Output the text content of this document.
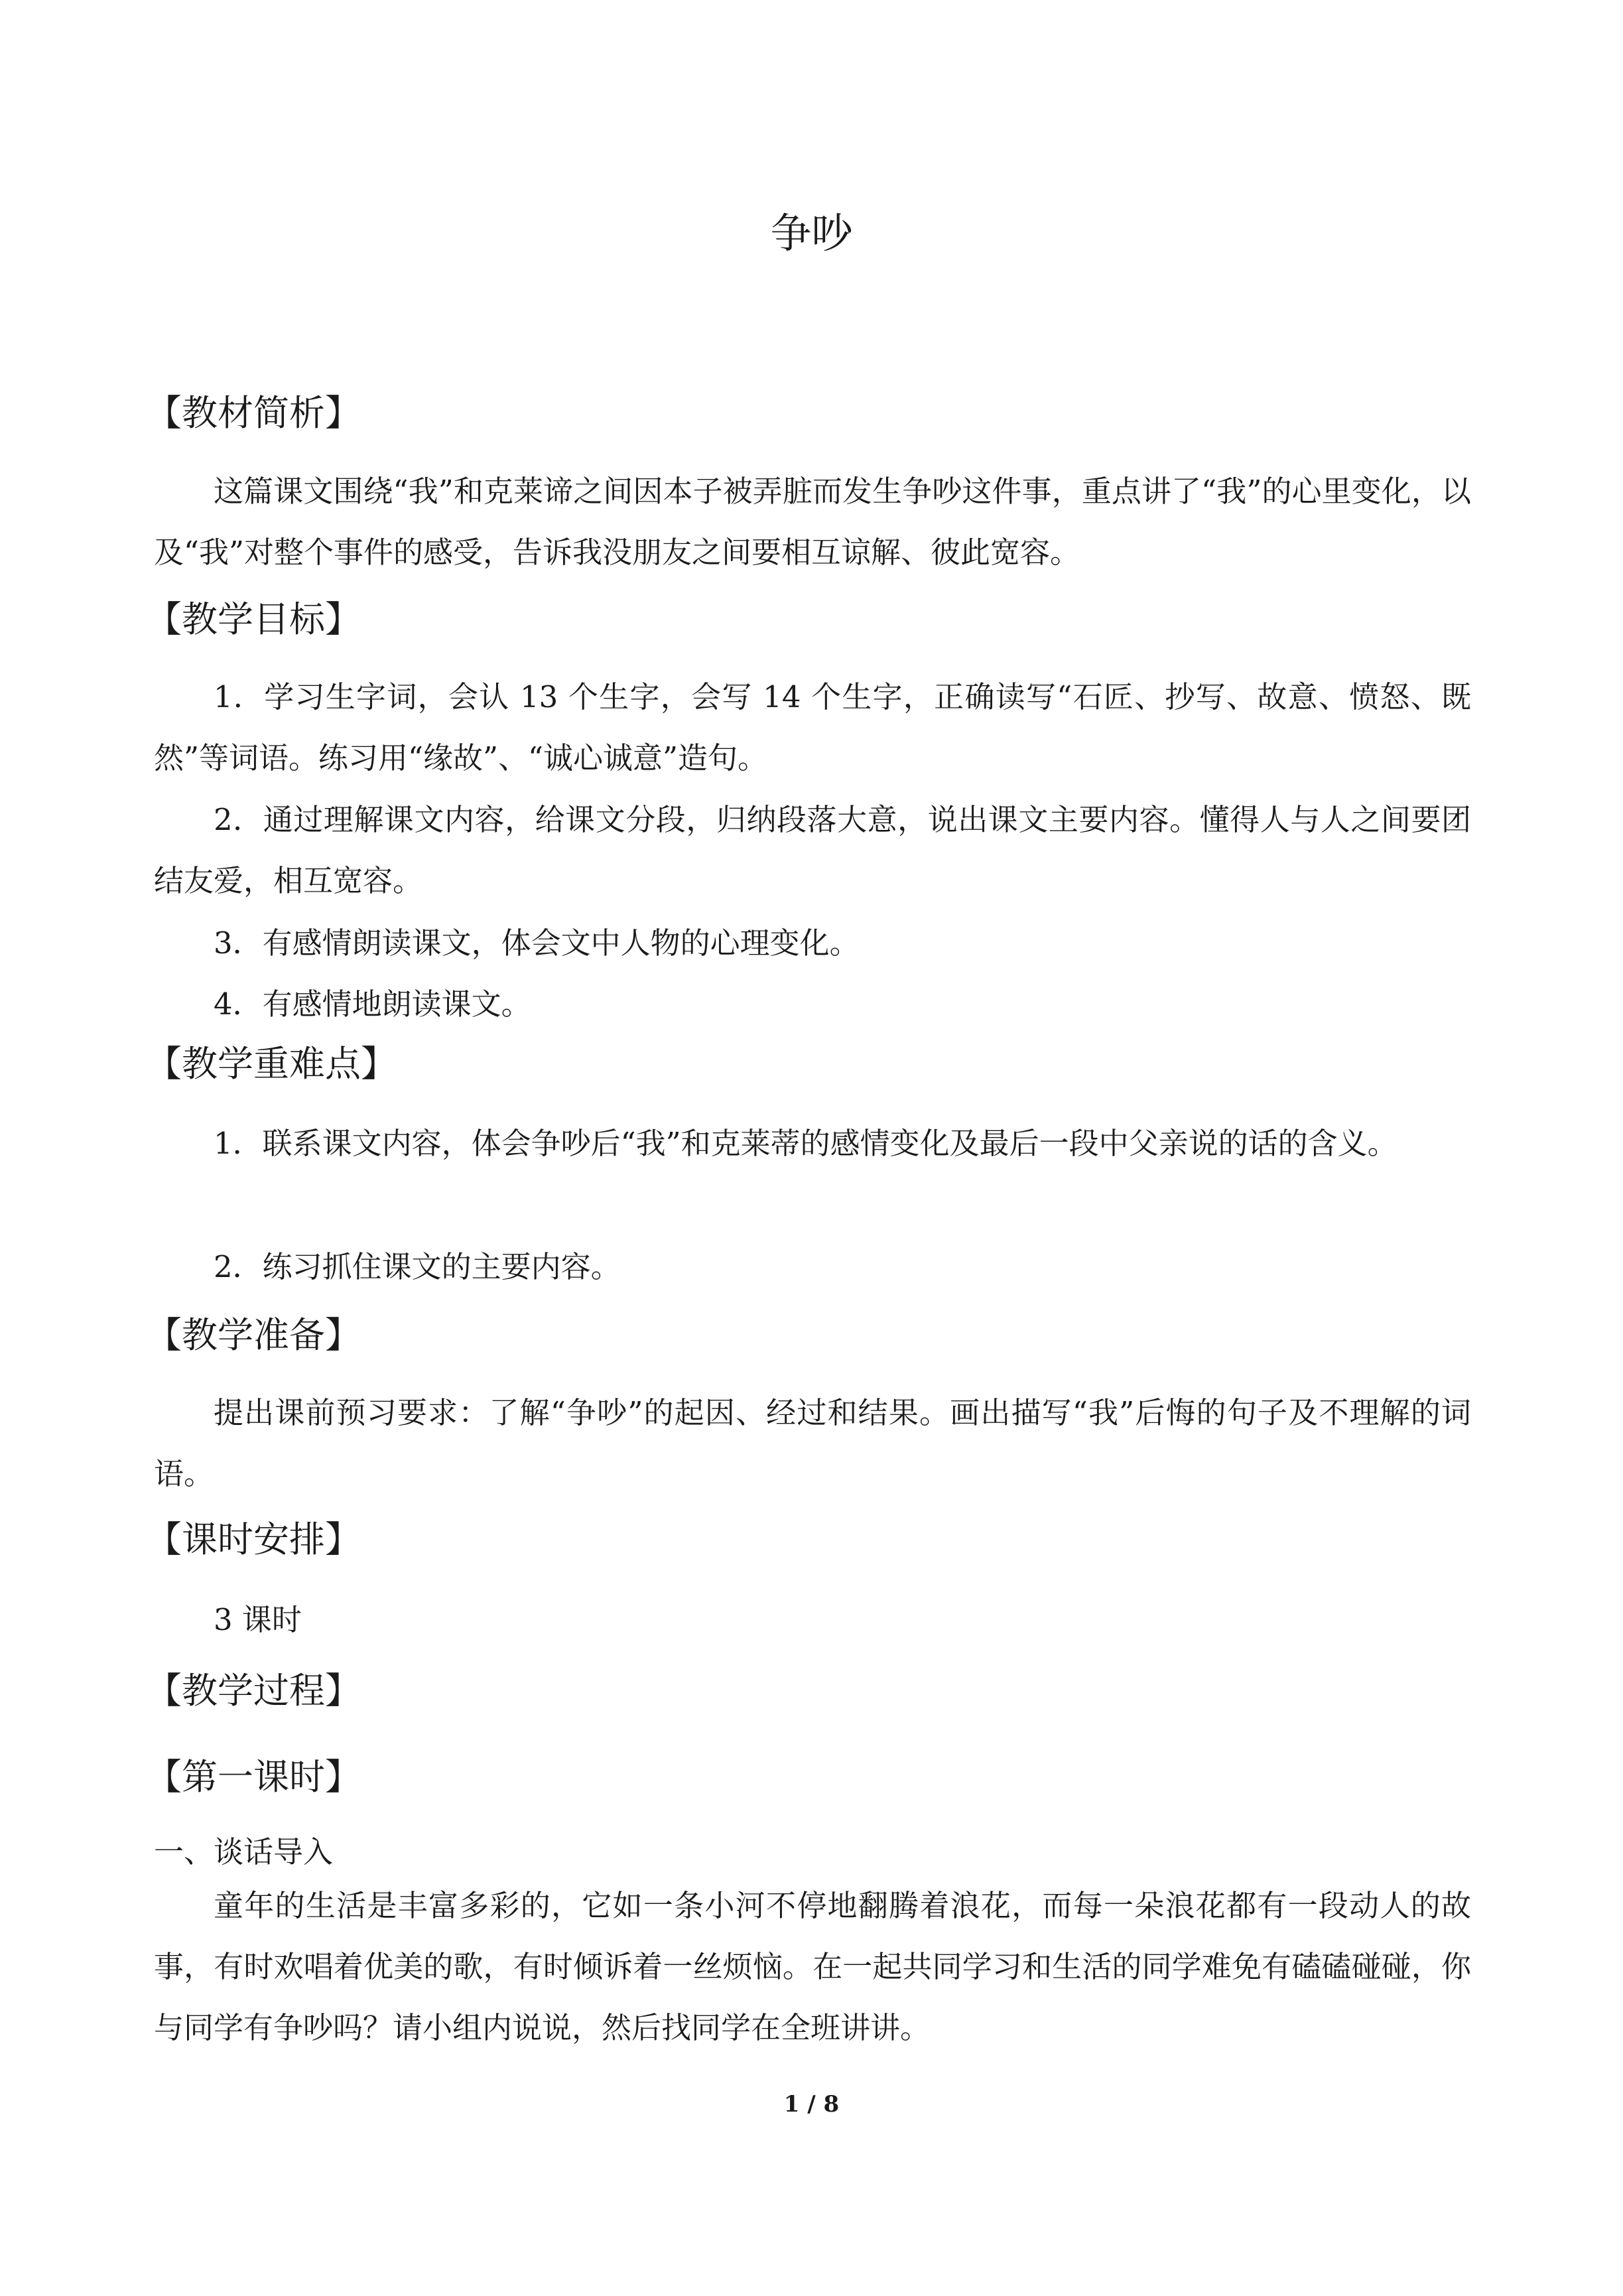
争吵
【教材简析】

这篇课文围绕“我”和克莱谛之间因本子被弄脏而发生争吵这件事，重点讲了“我”的心里变化，以及“我”对整个事件的感受，告诉我没朋友之间要相互谅解、彼此宽容。

【教学目标】

1．学习生字词，会认 13 个生字，会写 14 个生字，正确读写“石匠、抄写、故意、愤怒、既然”等词语。练习用“缘故”、“诚心诚意”造句。

2．通过理解课文内容，给课文分段，归纳段落大意，说出课文主要内容。懂得人与人之间要团结友爱，相互宽容。

3．有感情朗读课文，体会文中人物的心理变化。
4．有感情地朗读课文。
【教学重难点】

1．联系课文内容，体会争吵后“我”和克莱蒂的感情变化及最后一段中父亲说的话的含义。

2．练习抓住课文的主要内容。
【教学准备】

提出课前预习要求：了解“争吵”的起因、经过和结果。画出描写“我”后悔的句子及不理解的词语。

【课时安排】
3 课时
【教学过程】
【第一课时】
一、谈话导入

童年的生活是丰富多彩的，它如一条小河不停地翻腾着浪花，而每一朵浪花都有一段动人的故事，有时欢唱着优美的歌，有时倾诉着一丝烦恼。在一起共同学习和生活的同学难免有磕磕碰碰，你与同学有争吵吗？请小组内说说，然后找同学在全班讲讲。

1 / 8
